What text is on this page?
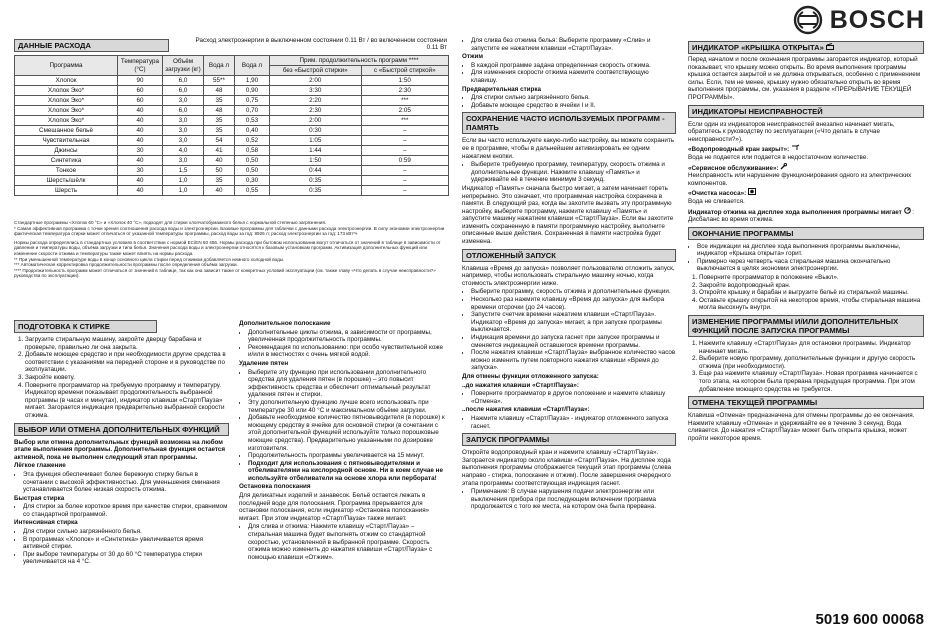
BOSCH
ДАННЫЕ РАСХОДА
Расход электроэнергии в выключенном состоянии 0.11 Вт / во включенном состоянии 0.11 Вт
Программа	Температура (°C)	Объём загрузки (кг)	Вода л	Вода л	Прим. продолжительность программ ****	
					без «Быстрой стирки»	с «Быстрой стиркой»
Хлопок	90	6,0	55**	1,90	2:00	1:50
Хлопок Эко*	60	6,0	48	0,90	3:30	2:30
Хлопок Эко*	60	3,0	35	0,75	2:20	***
Хлопок Эко*	40	6,0	48	0,70	2:30	2:05
Хлопок Эко*	40	3,0	35	0,53	2:00	***
Смешанное бельё	40	3,0	35	0,40	0:30	–
Чувствительная	40	3,0	54	0,52	1:05	–
Джинсы	30	4,0	41	0,58	1:44	–
Синтетика	40	3,0	40	0,50	1:50	0:59
Тонкое	30	1,5	50	0,50	0:44	–
Шерсть/шёлк	40	1,0	35	0,30	0:35	–
Шерсть	40	1,0	40	0,55	0:35	–
Стандартные программы «Хлопок 60 °C» и «Хлопок 40 °C», подходят для стирки хлопчатобумажного белья с нормальной степенью загрязнения.
* Самая эффективная программа с точки зрения соотношения расхода воды и электроэнергии. Базовые программы для таблички с данными расхода электроэнергии. В силу экономии электроэнергии фактическая температура стирки может отличаться от указанной температуры программы, расход воды за год: 8926 л; расход электроэнергии за год: 173 кВт*ч
Нормы расхода определялись в стандартных условиях в соответствии с нормой EC/EN 60 456. Нормы расхода при бытовом использовании могут отличаться от значений в таблице в зависимости от давления и температуры воды, объёма загрузки и типа белья. Значения расхода воды и электроэнергии относятся к базовым установкам программ. Активизация дополнительных функций или изменение скорости отжима и температуры также может влиять на нормы расхода.
** При уменьшенной температуре воды в конце основного цикла стирки перед отжимом добавляется немного холодной воды.
*** Автоматическая корректировка продолжительности программы после определения объёма загрузки.
**** Продолжительность программ может отличаться от значений в таблице, так как она зависит также от конкретных условий эксплуатации (см. также главу «Что делать в случае неисправности?» руководства по эксплуатации).
ПОДГОТОВКА К СТИРКЕ
1. Загрузите стиральную машину, закройте дверцу барабана и проверьте, правильно ли она закрыта.
2. Добавьте моющее средство и при необходимости другие средства в соответствии с указаниями на передней стороне и в руководстве по эксплуатации.
3. Закройте кювету.
4. Поверните программатор на требуемую программу и температуру. Индикатор времени показывает продолжительность выбранной программы (в часах и минутах), индикатор клавиши «Старт/Пауза» мигает. Загорается индикация предварительно выбранной скорости отжима.
ВЫБОР ИЛИ ОТМЕНА ДОПОЛНИТЕЛЬНЫХ ФУНКЦИЙ

Выбор или отмена дополнительных функций возможна на любом этапе выполнения программы. Дополнительная функция остается активной, пока не выполнен следующий этап программы.

Лёгкое глажение

• Эта функция обеспечивает более бережную стирку белья в сочетании с высокой эффективностью. Для уменьшения сминания устанавливается более низкая скорость отжима.

Быстрая стирка

• Для стирки за более короткое время при качестве стирки, сравнимом со стандартной программой.

Интенсивная стирка

• Для стирки сильно загрязнённого белья.
• В программах «Хлопок» и «Синтетика» увеличивается время активной стирки.
• При выборе температуры от 30 до 60 °C температура стирки увеличивается на 4 °C.

Дополнительное полоскание

• Дополнительные циклы отжима, в зависимости от программы, увеличенная продолжительность программы.
• Рекомендация по использованию: при особо чувствительной коже и/или в местностях с очень мягкой водой.

Удаление пятен

• Выберите эту функцию при использовании дополнительного средства для удаления пятен (в порошке) – это повысит эффективность средства и обеспечит оптимальный результат удаления пятен и стирки.
• Эту дополнительную функцию лучше всего использовать при температуре 30 или 40 °C и максимальном объёме загрузки.
• Добавьте необходимое количество пятновыводителя (в порошке) к моющему средству в ячейке для основной стирки (в сочетании с этой дополнительной функцией используйте только порошковые моющие средства). Предварительно указанными по дозировке изготовителя.
• Продолжительность программы увеличивается на 15 минут.
• Подходит для использования с пятновыводителями и отбеливателями на кислородной основе. Ни в коем случае не используйте отбеливатели на основе хлора или перборатa!

Остановка полоскания

Для деликатных изделий и занавесок. Бельё остается лежать в последней воде для полоскания. Программа прерывается для остановки полоскания, если индикатор «Остановка полоскания» мигает. При этом индикатор «Старт/Пауза» также мигает.

• Для слива и отжима: Нажмите клавишу «Старт/Пауза» – стиральная машина будет выполнять отжим со стандартной скоростью, установленной в выбранной программе. Скорость отжима можно изменить до нажатия клавиши «Старт/Пауза» с помощью клавиши «Отжим».
• Для слива без отжима белья: Выберите программу «Слив» и запустите ее нажатием клавиши «Старт/Пауза».

Отжим

• В каждой программе задана определенная скорость отжима.
• Для изменения скорости отжима нажмите соответствующую клавишу.

Предварительная стирка

• Для стирки сильно загрязнённого белья.
• Добавьте моющее средство в ячейки I и II.
СОХРАНЕНИЕ ЧАСТО ИСПОЛЬЗУЕМЫХ ПРОГРАММ - ПАМЯТЬ

Если вы часто используете какую-либо настройку, вы можете сохранить ее в программе, чтобы в дальнейшем активизировать ее одним нажатием кнопки.

• Выберите требуемую программу, температуру, скорость отжима и дополнительные функции. Нажмите клавишу «Память» и удерживайте её в течение минимум 3 секунд.

Индикатор «Память» сначала быстро мигает, а затем начинает гореть непрерывно. Это означает, что программная настройка сохранена в памяти. В следующий раз, когда вы захотите вызвать эту программную настройку, выберите программу, нажмите клавишу «Память» и запустите машину нажатием клавиши «Старт/Пауза». Если вы захотите изменить сохраненную в памяти программную настройку, выполните описанные выше действия. Сохраненная в памяти настройка будет изменена.

ОТЛОЖЕННЫЙ ЗАПУСК

Клавиша «Время до запуска» позволяет пользователю отложить запуск, например, чтобы использовать стиральную машину ночью, когда стоимость электроэнергии ниже.

• Выберите программу, скорость отжима и дополнительные функции.
• Несколько раз нажмите клавишу «Время до запуска» для выбора времени отсрочки (до 24 часов).
• Запустите счетчик времени нажатием клавиши «Старт/Пауза». Индикатор «Время до запуска» мигает, а при запуске программы выключается.
• Индикация времени до запуска гаснет при запуске программы и сменяется индикацией оставшегося времени программы.
• После нажатия клавиши «Старт/Пауза» выбранное количество часов можно изменить путем повторного нажатия клавиши «Время до запуска».

Для отмены функции отложенного запуска:

..до нажатия клавиши «Старт/Пауза»:

• Поверните программатор в другое положение и нажмите клавишу «Отмена».

..после нажатия клавиши «Старт/Пауза»:

• Нажмите клавишу «Старт/Пауза» - индикатор отложенного запуска гаснет.
ЗАПУСК ПРОГРАММЫ

Откройте водопроводный кран и нажмите клавишу «Старт/Пауза». Загорается индикатор около клавиши «Старт/Пауза». На дисплее хода выполнения программы отображается текущий этап программы (слева направо - стирка, полоскание и отжим). После завершения очередного этапа программы соответствующая индикация гаснет.

• Примечание: В случае нарушения подачи электроэнергии или выключения прибора при последующем включении программа продолжается с того же места, на котором она была прервана.
ИНДИКАТОР «КРЫШКА ОТКРЫТА»

Перед началом и после окончания программы загорается индикатор, который показывает, что крышку можно открыть. Во время выполнения программы крышка остается закрытой и не должна открываться, особенно с применением силы. Если, тем не менее, крышку нужно обязательно открыть во время выполнения программы, см. указания в разделе «ПРЕРЫВАНИЕ ТЕКУЩЕЙ ПРОГРАММЫ».

ИНДИКАТОРЫ НЕИСПРАВНОСТЕЙ

Если один из индикаторов неисправностей внезапно начинает мигать, обратитесь к руководству по эксплуатации («Что делать в случае неисправности?»).

«Водопроводный кран закрыт»:
Вода не подается или подается в недостаточном количестве.

«Сервисное обслуживание»:
Неисправность или нарушение функционирования одного из электрических компонентов.

«Очистка насоса»:
Вода не сливается.

Индикатор отжима на дисплее хода выполнения программы мигает : Дисбаланс во время отжима.

ОКОНЧАНИЕ ПРОГРАММЫ
• Все индикации на дисплее хода выполнения программы выключены, индикатор «Крышка открыта» горит.
• Примерно через четверть часа стиральная машина окончательно выключается в целях экономии электроэнергии.
1. Поверните программатор в положение «Выкл».
2. Закройте водопроводный кран.
3. Откройте крышку и барабан и выгрузите бельё из стиральной машины.
4. Оставьте крышку открытой на некоторое время, чтобы стиральная машина могла высохнуть внутри.
ИЗМЕНЕНИЕ ПРОГРАММЫ И/ИЛИ ДОПОЛНИТЕЛЬНЫХ ФУНКЦИЙ ПОСЛЕ ЗАПУСКА ПРОГРАММЫ
1. Нажмите клавишу «Старт/Пауза» для остановки программы. Индикатор начинает мигать.
2. Выберите новую программу, дополнительные функции и другую скорость отжима (при необходимости).
3. Еще раз нажмите клавишу «Старт/Пауза». Новая программа начинается с того этапа, на котором была прервана предыдущая программа. При этом добавление моющего средства не требуется.
ОТМЕНА ТЕКУЩЕЙ ПРОГРАММЫ

Клавиша «Отмена» предназначена для отмены программы до ее окончания. Нажмите клавишу «Отмена» и удерживайте ее в течение 3 секунд. Вода сливается. До нажатия «Старт/Пауза» может быть открыта крышка, может пройти некоторое время.

5019 600 00068
